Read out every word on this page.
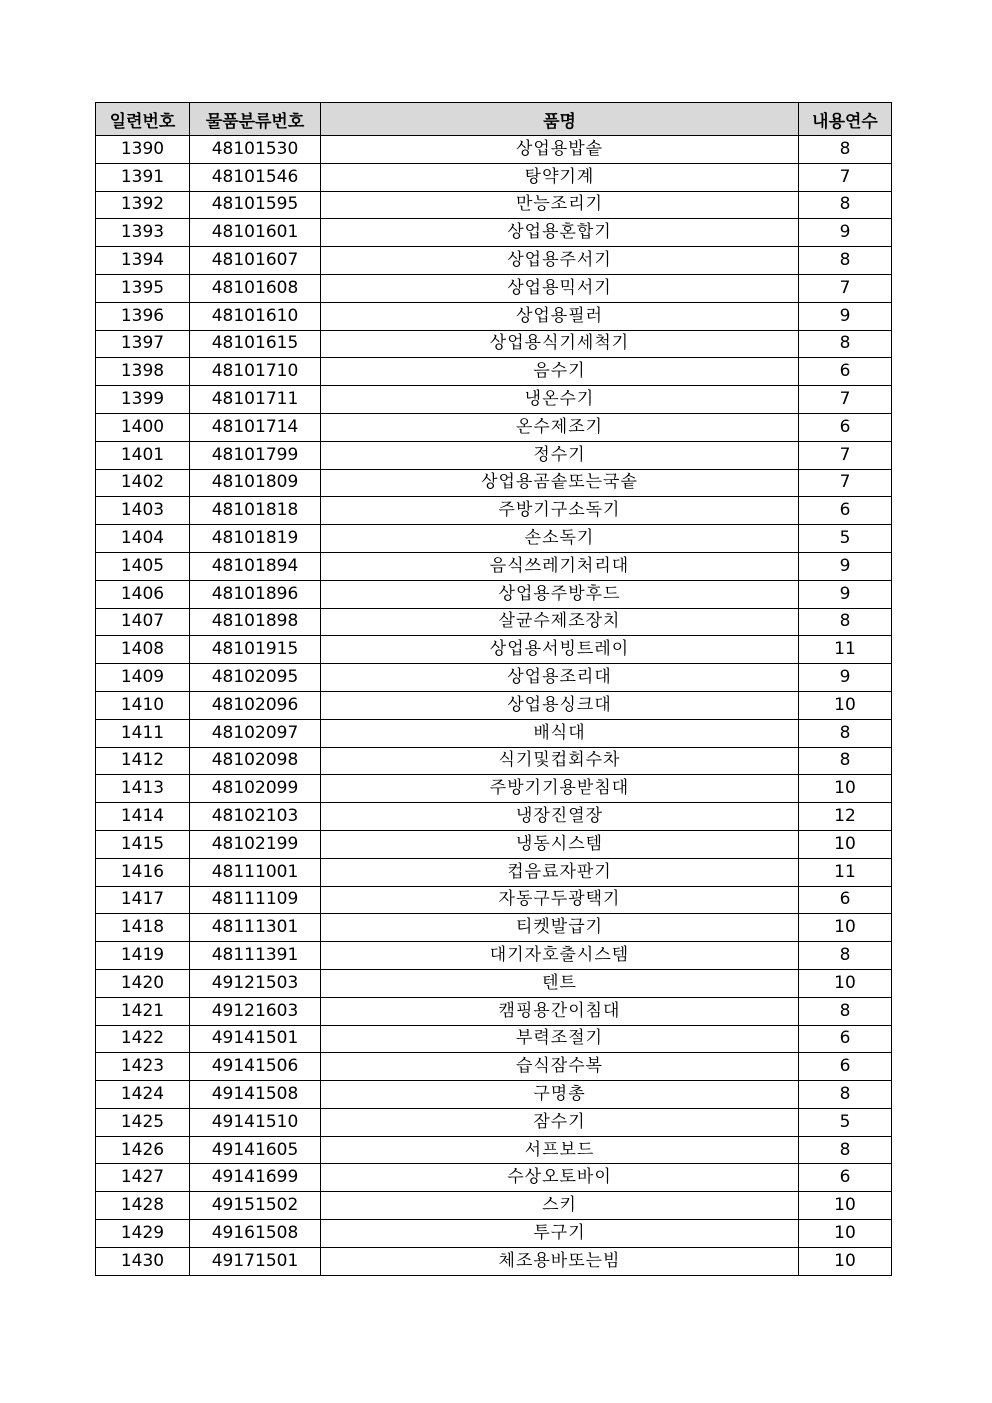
일련번호	물품분류번호	품명	내용연수
1390	48101530	상업용밥솥	8
1391	48101546	탕약기계	7
1392	48101595	만능조리기	8
1393	48101601	상업용혼합기	9
1394	48101607	상업용주서기	8
1395	48101608	상업용믹서기	7
1396	48101610	상업용필러	9
1397	48101615	상업용식기세척기	8
1398	48101710	음수기	6
1399	48101711	냉온수기	7
1400	48101714	온수제조기	6
1401	48101799	정수기	7
1402	48101809	상업용곰솥또는국솥	7
1403	48101818	주방기구소독기	6
1404	48101819	손소독기	5
1405	48101894	음식쓰레기처리대	9
1406	48101896	상업용주방후드	9
1407	48101898	살균수제조장치	8
1408	48101915	상업용서빙트레이	11
1409	48102095	상업용조리대	9
1410	48102096	상업용싱크대	10
1411	48102097	배식대	8
1412	48102098	식기및컵회수차	8
1413	48102099	주방기기용받침대	10
1414	48102103	냉장진열장	12
1415	48102199	냉동시스템	10
1416	48111001	컵음료자판기	11
1417	48111109	자동구두광택기	6
1418	48111301	티켓발급기	10
1419	48111391	대기자호출시스템	8
1420	49121503	텐트	10
1421	49121603	캠핑용간이침대	8
1422	49141501	부력조절기	6
1423	49141506	습식잠수복	6
1424	49141508	구명총	8
1425	49141510	잠수기	5
1426	49141605	서프보드	8
1427	49141699	수상오토바이	6
1428	49151502	스키	10
1429	49161508	투구기	10
1430	49171501	체조용바또는빔	10
